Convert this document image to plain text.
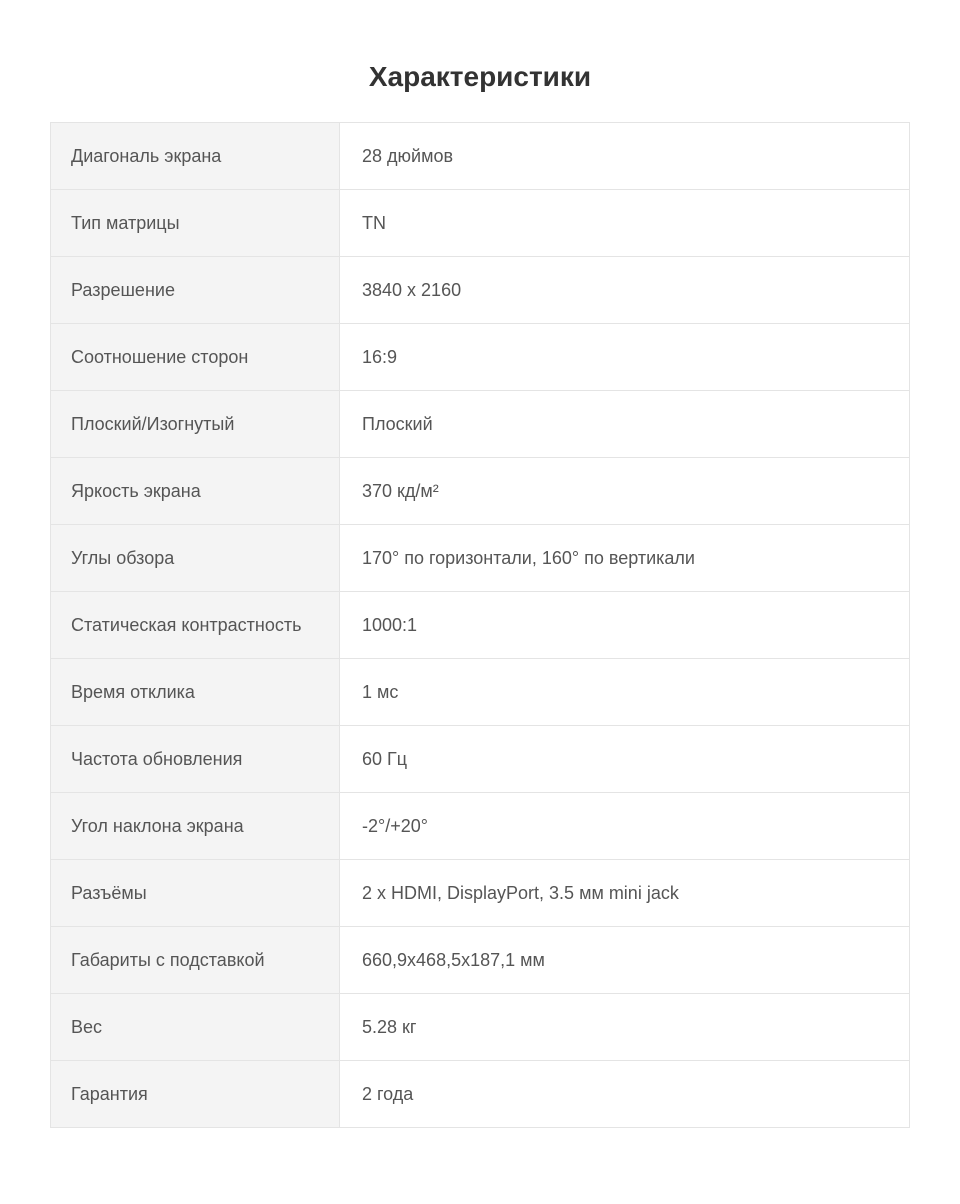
Характеристики
Диагональ экрана	28 дюймов
Тип матрицы	TN
Разрешение	3840 x 2160
Соотношение сторон	16:9
Плоский/Изогнутый	Плоский
Яркость экрана	370 кд/м²
Углы обзора	170° по горизонтали, 160° по вертикали
Статическая контрастность	1000:1
Время отклика	1 мс
Частота обновления	60 Гц
Угол наклона экрана	-2°/+20°
Разъёмы	2 x HDMI, DisplayPort, 3.5 мм mini jack
Габариты с подставкой	660,9x468,5x187,1 мм
Вес	5.28 кг
Гарантия	2 года
